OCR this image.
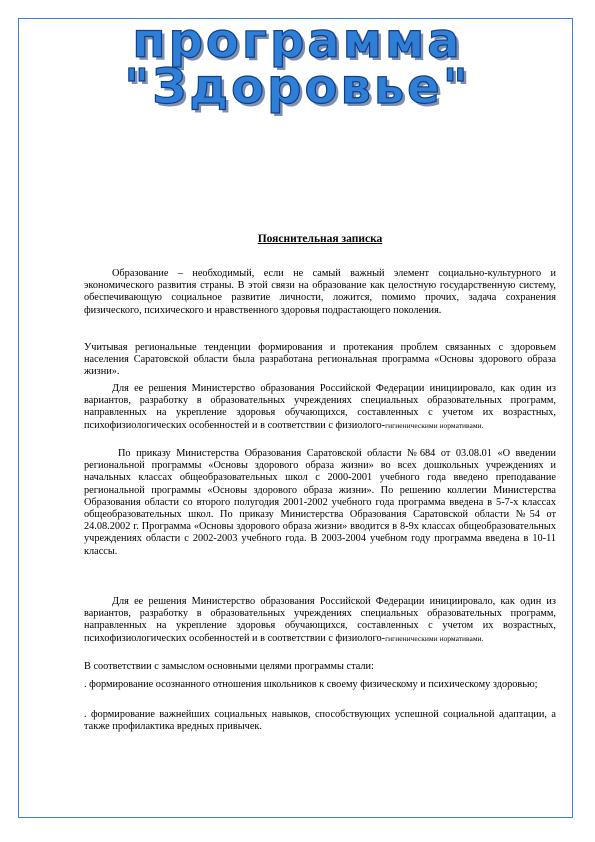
программа
"Здоровье"
Пояснительная записка

Образование – необходимый, если не самый важный элемент социально-культурного и экономического развития страны. В этой связи на образование как целостную государственную систему, обеспечивающую социальное развитие личности, ложится, помимо прочих, задача сохранения физического, психического и нравственного здоровья подрастающего поколения.

Учитывая региональные тенденции формирования и протекания проблем связанных с здоровьем населения Саратовской области была разработана региональная программа «Основы здорового образа жизни».

Для ее решения Министерство образования Российской Федерации инициировало, как один из вариантов, разработку в образовательных учреждениях специальных образовательных программ, направленных на укрепление здоровья обучающихся, составленных с учетом их возрастных, психофизиологических особенностей и в соответствии с физиолого-гигиеническими нормативами.

По приказу Министерства Образования Саратовской области №684 от 03.08.01 «О введении региональной программы «Основы здорового образа жизни» во всех дошкольных учреждениях и начальных классах общеобразовательных школ с 2000-2001 учебного года введено преподавание региональной программы «Основы здорового образа жизни». По решению коллегии Министерства Образования области со второго полугодия 2001-2002 учебного года программа введена в 5-7-х классах общеобразовательных школ. По приказу Министерства Образования Саратовской области №54 от 24.08.2002 г. Программа «Основы здорового образа жизни» вводится в 8-9х классах общеобразовательных учреждениях области с 2002-2003 учебного года. В 2003-2004 учебном году программа введена в 10-11 классы.

Для ее решения Министерство образования Российской Федерации инициировало, как один из вариантов, разработку в образовательных учреждениях специальных образовательных программ, направленных на укрепление здоровья обучающихся, составленных с учетом их возрастных, психофизиологических особенностей и в соответствии с физиолого-гигиеническими нормативами.

В соответствии с замыслом основными целями программы стали:

. формирование осознанного отношения школьников к своему физическому и психическому здоровью;

. формирование важнейших социальных навыков, способствующих успешной социальной адаптации, а также профилактика вредных привычек.
